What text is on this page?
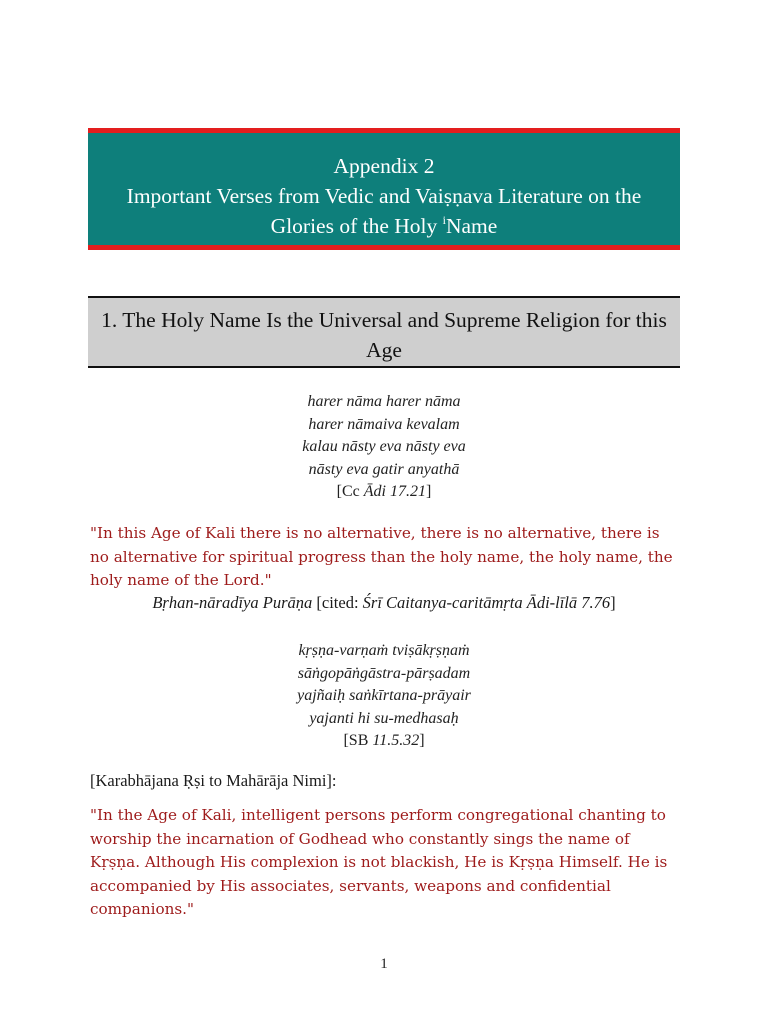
Appendix 2
Important Verses from Vedic and Vaiṣṇava Literature on the
Glories of the Holy $^i$Name
1. The Holy Name Is the Universal and Supreme Religion for this Age
harer nāma harer nāma
harer nāmaiva kevalam
kalau nāsty eva nāsty eva
nāsty eva gatir anyathā
[Cc Ādi 17.21]
"In this Age of Kali there is no alternative, there is no alternative, there is no alternative for spiritual progress than the holy name, the holy name, the holy name of the Lord."
Bṛhan-nāradīya Purāṇa [cited: Śrī Caitanya-caritāmṛta Ādi-līlā 7.76]
kṛṣṇa-varṇaṁ tviṣākṛṣṇaṁ
sāṅgopāṅgāstra-pārṣadam
yajñaiḥ saṅkīrtana-prāyair
yajanti hi su-medhasaḥ
[SB 11.5.32]
[Karabhājana Ṛṣi to Mahārāja Nimi]:
"In the Age of Kali, intelligent persons perform congregational chanting to worship the incarnation of Godhead who constantly sings the name of Kṛṣṇa. Although His complexion is not blackish, He is Kṛṣṇa Himself. He is accompanied by His associates, servants, weapons and confidential companions."
1
